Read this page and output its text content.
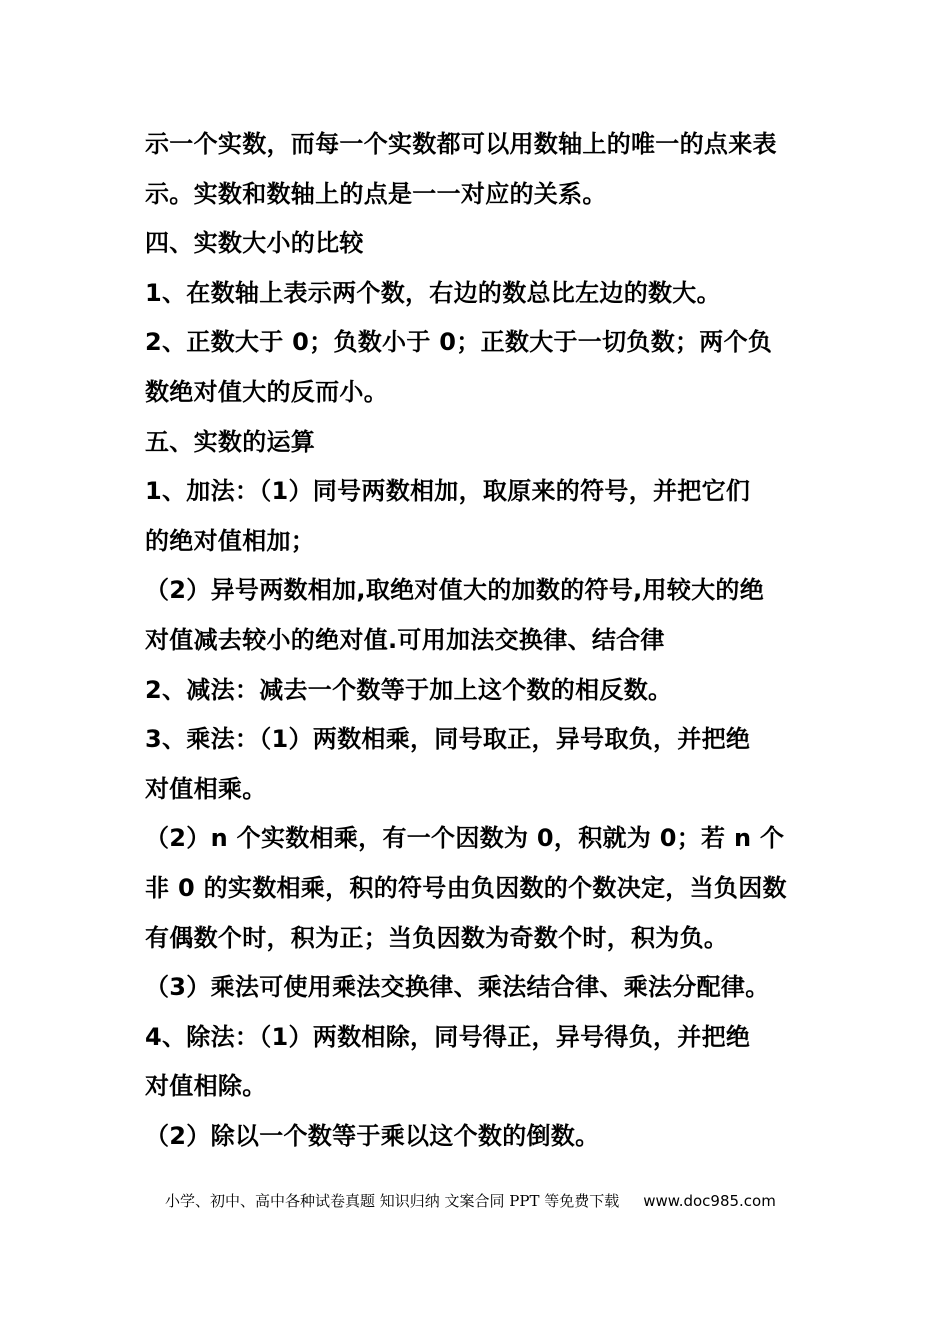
示一个实数，而每一个实数都可以用数轴上的唯一的点来表
示。实数和数轴上的点是一一对应的关系。
四、实数大小的比较
1、在数轴上表示两个数，右边的数总比左边的数大。
2、正数大于 0；负数小于 0；正数大于一切负数；两个负
数绝对值大的反而小。
五、实数的运算
1、加法：（1）同号两数相加，取原来的符号，并把它们
的绝对值相加；
（2）异号两数相加,取绝对值大的加数的符号,用较大的绝
对值减去较小的绝对值.可用加法交换律、结合律
2、减法：减去一个数等于加上这个数的相反数。
3、乘法：（1）两数相乘，同号取正，异号取负，并把绝
对值相乘。
（2）n 个实数相乘，有一个因数为 0，积就为 0；若 n 个
非 0 的实数相乘，积的符号由负因数的个数决定，当负因数
有偶数个时，积为正；当负因数为奇数个时，积为负。
（3）乘法可使用乘法交换律、乘法结合律、乘法分配律。
4、除法：（1）两数相除，同号得正，异号得负，并把绝
对值相除。
（2）除以一个数等于乘以这个数的倒数。
小学、初中、高中各种试卷真题 知识归纳 文案合同 PPT 等免费下载 www.doc985.com
